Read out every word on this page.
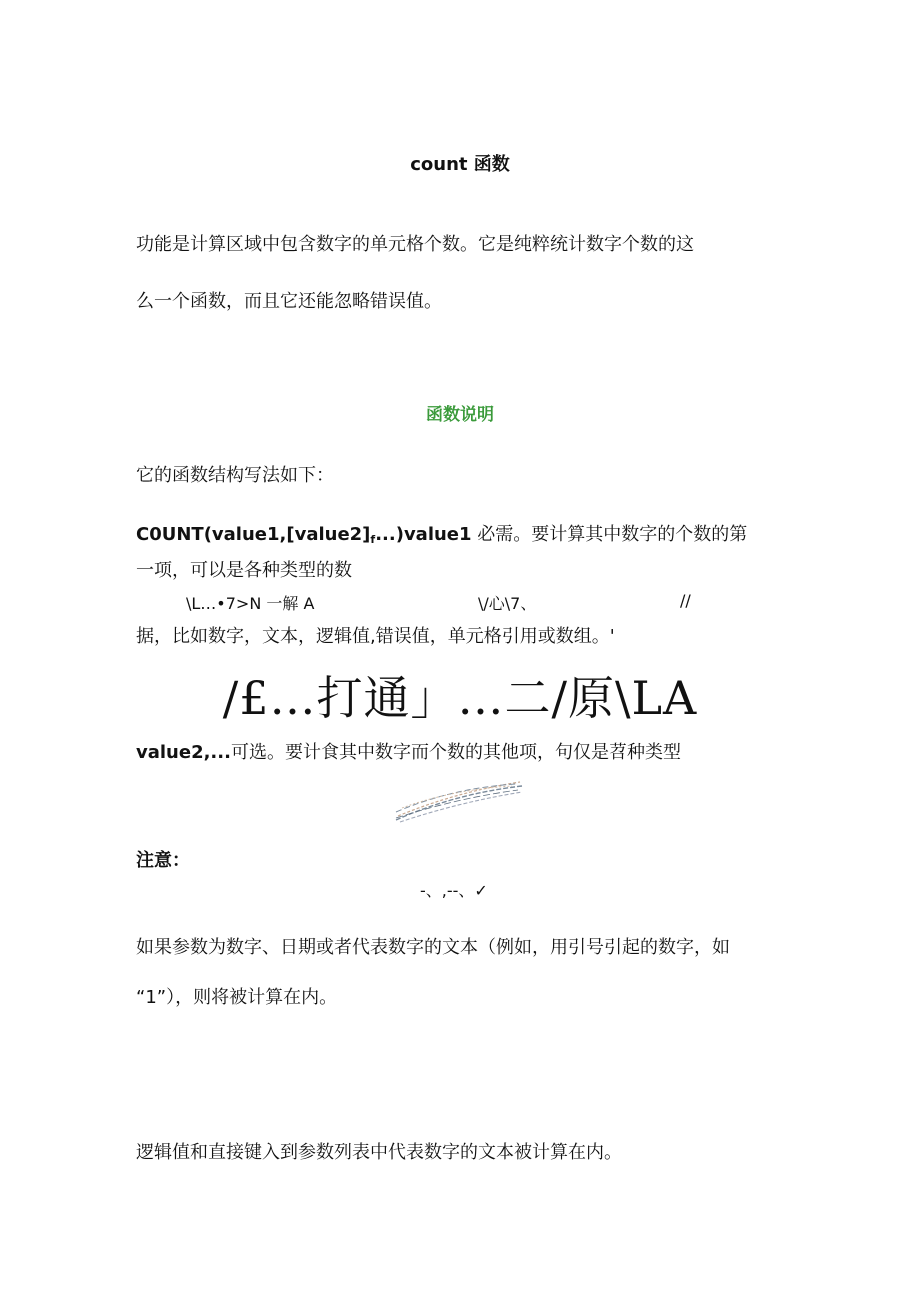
count 函数
功能是计算区域中包含数字的单元格个数。它是纯粹统计数字个数的这
么一个函数，而且它还能忽略错误值。
函数说明
它的函数结构写法如下：
$C0UNT(value1,[value2]_f...)value1$ 必需。要计算其中数字的个数的第
一项，可以是各种类型的数
\L…•7>N 一解 A	\/心\7、	//
据，比如数字，文本，逻辑值,错误值，单元格引用或数组。'
/£…打通」…二/原\LA
value2,...可选。要计食其中数字而个数的其他项，句仅是苕种类型
注意：
-、,--、✓
如果参数为数字、日期或者代表数字的文本（例如，用引号引起的数字，如
“1”），则将被计算在内。
逻辑值和直接键入到参数列表中代表数字的文本被计算在内。
